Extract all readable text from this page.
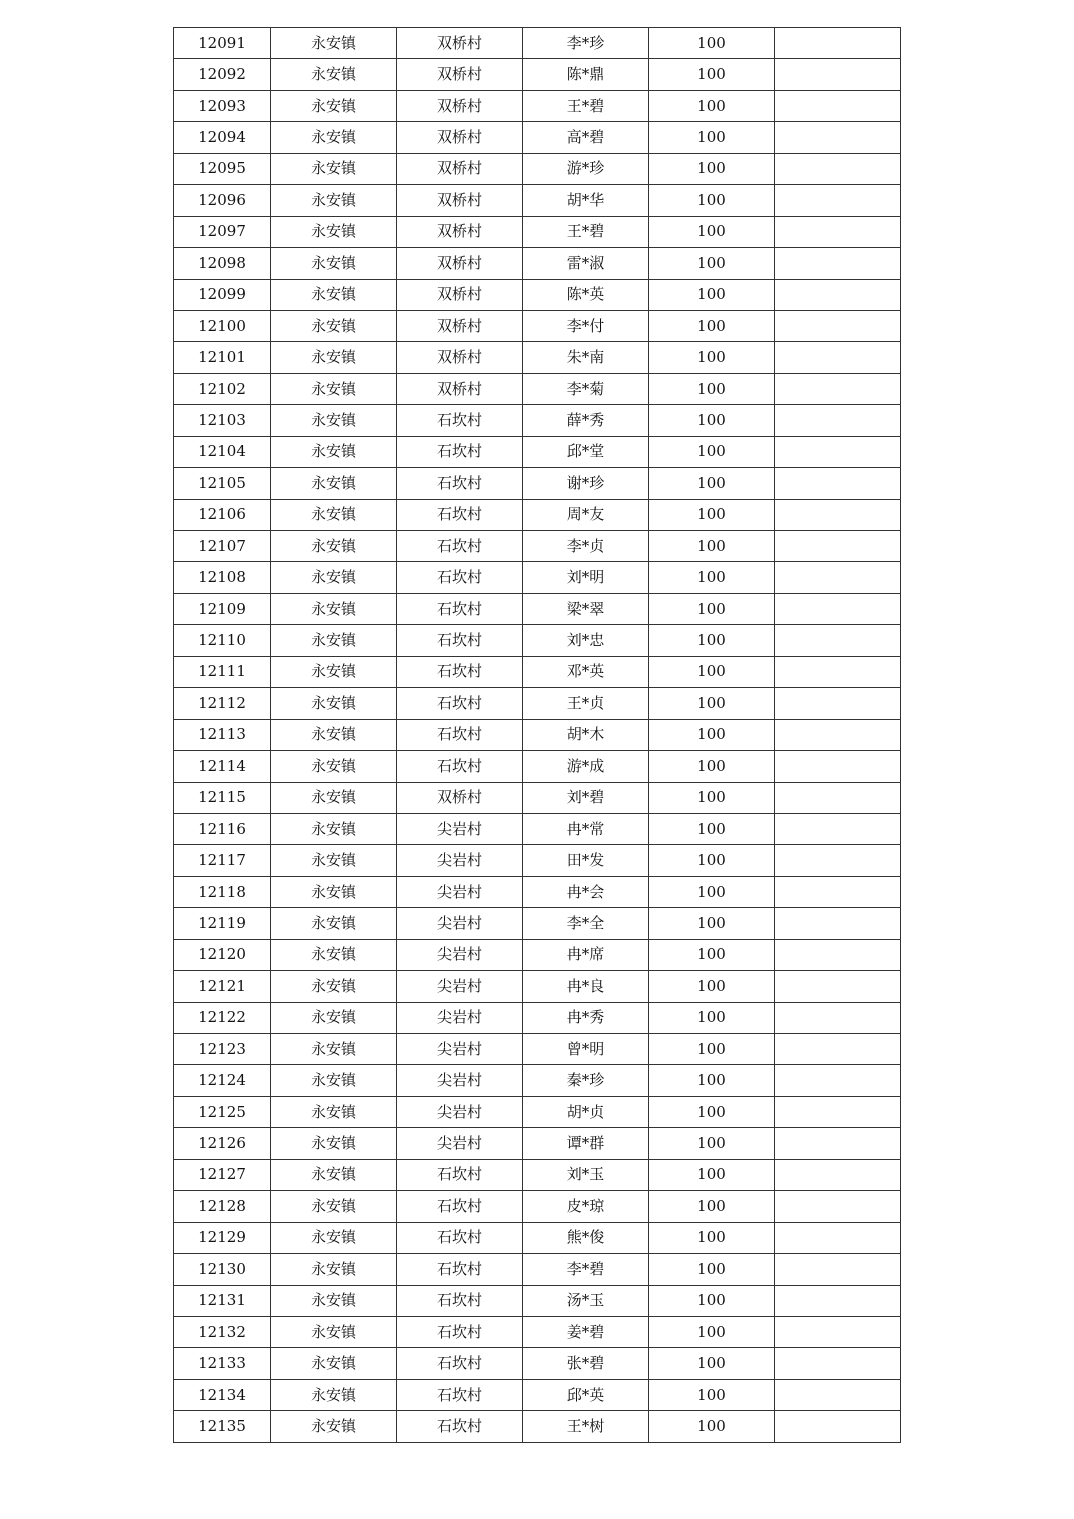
12091	永安镇	双桥村	李*珍	100	
12092	永安镇	双桥村	陈*鼎	100	
12093	永安镇	双桥村	王*碧	100	
12094	永安镇	双桥村	高*碧	100	
12095	永安镇	双桥村	游*珍	100	
12096	永安镇	双桥村	胡*华	100	
12097	永安镇	双桥村	王*碧	100	
12098	永安镇	双桥村	雷*淑	100	
12099	永安镇	双桥村	陈*英	100	
12100	永安镇	双桥村	李*付	100	
12101	永安镇	双桥村	朱*南	100	
12102	永安镇	双桥村	李*菊	100	
12103	永安镇	石坎村	薛*秀	100	
12104	永安镇	石坎村	邱*堂	100	
12105	永安镇	石坎村	谢*珍	100	
12106	永安镇	石坎村	周*友	100	
12107	永安镇	石坎村	李*贞	100	
12108	永安镇	石坎村	刘*明	100	
12109	永安镇	石坎村	梁*翠	100	
12110	永安镇	石坎村	刘*忠	100	
12111	永安镇	石坎村	邓*英	100	
12112	永安镇	石坎村	王*贞	100	
12113	永安镇	石坎村	胡*木	100	
12114	永安镇	石坎村	游*成	100	
12115	永安镇	双桥村	刘*碧	100	
12116	永安镇	尖岩村	冉*常	100	
12117	永安镇	尖岩村	田*发	100	
12118	永安镇	尖岩村	冉*会	100	
12119	永安镇	尖岩村	李*全	100	
12120	永安镇	尖岩村	冉*席	100	
12121	永安镇	尖岩村	冉*良	100	
12122	永安镇	尖岩村	冉*秀	100	
12123	永安镇	尖岩村	曾*明	100	
12124	永安镇	尖岩村	秦*珍	100	
12125	永安镇	尖岩村	胡*贞	100	
12126	永安镇	尖岩村	谭*群	100	
12127	永安镇	石坎村	刘*玉	100	
12128	永安镇	石坎村	皮*琼	100	
12129	永安镇	石坎村	熊*俊	100	
12130	永安镇	石坎村	李*碧	100	
12131	永安镇	石坎村	汤*玉	100	
12132	永安镇	石坎村	姜*碧	100	
12133	永安镇	石坎村	张*碧	100	
12134	永安镇	石坎村	邱*英	100	
12135	永安镇	石坎村	王*树	100	
